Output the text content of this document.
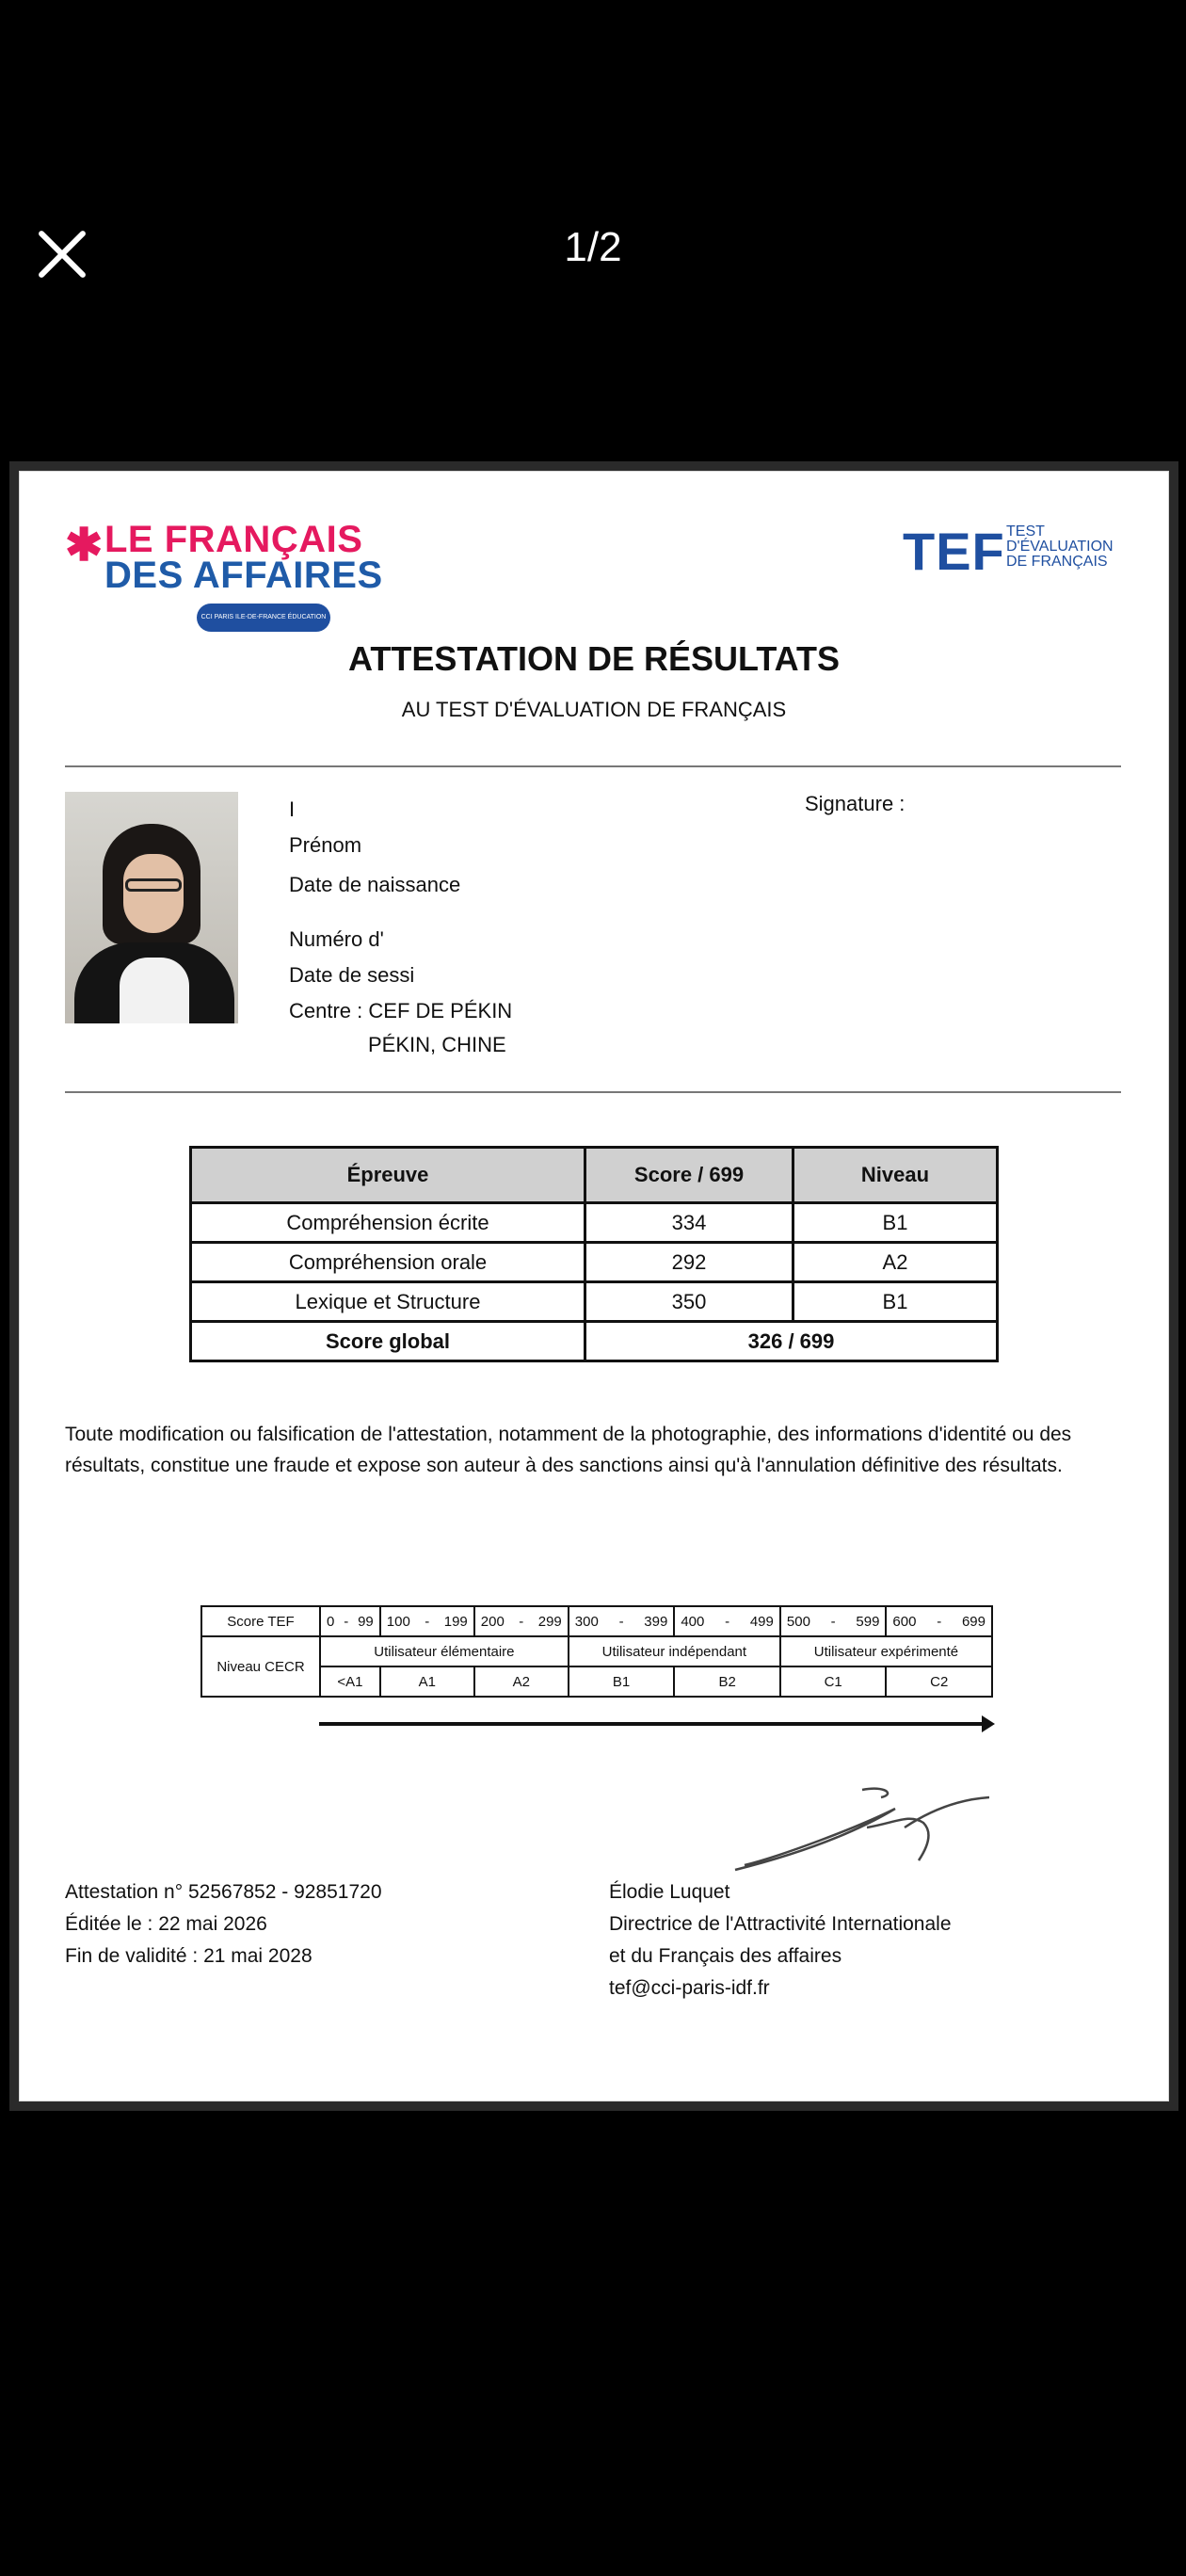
1/2
✱ LE FRANÇAIS
DES AFFAIRES
CCI PARIS ILE-DE-FRANCE ÉDUCATION
TEF TEST
D'ÉVALUATION
DE FRANÇAIS
ATTESTATION DE RÉSULTATS
AU TEST D'ÉVALUATION DE FRANÇAIS
I
Prénom
Date de naissance
Numéro d'
Date de sessi
Centre : CEF DE PÉKIN
PÉKIN, CHINE
Signature :
Épreuve	Score / 699	Niveau
Compréhension écrite	334	B1
Compréhension orale	292	A2
Lexique et Structure	350	B1
Score global	326 / 699	
Toute modification ou falsification de l'attestation, notamment de la photographie, des informations d'identité ou des résultats, constitue une fraude et expose son auteur à des sanctions ainsi qu'à l'annulation définitive des résultats.
Score TEF	0 - 99	100 - 199	200 - 299	300 - 399	400 - 499	500 - 599	600 - 699

Niveau CECR	Utilisateur élémentaire			Utilisateur indépendant		Utilisateur expérimenté	
	<A1	A1	A2	B1	B2	C1	C2
Attestation n° 52567852 - 92851720
Éditée le : 22 mai 2026
Fin de validité : 21 mai 2028
Élodie Luquet
Directrice de l'Attractivité Internationale
et du Français des affaires
tef@cci-paris-idf.fr
